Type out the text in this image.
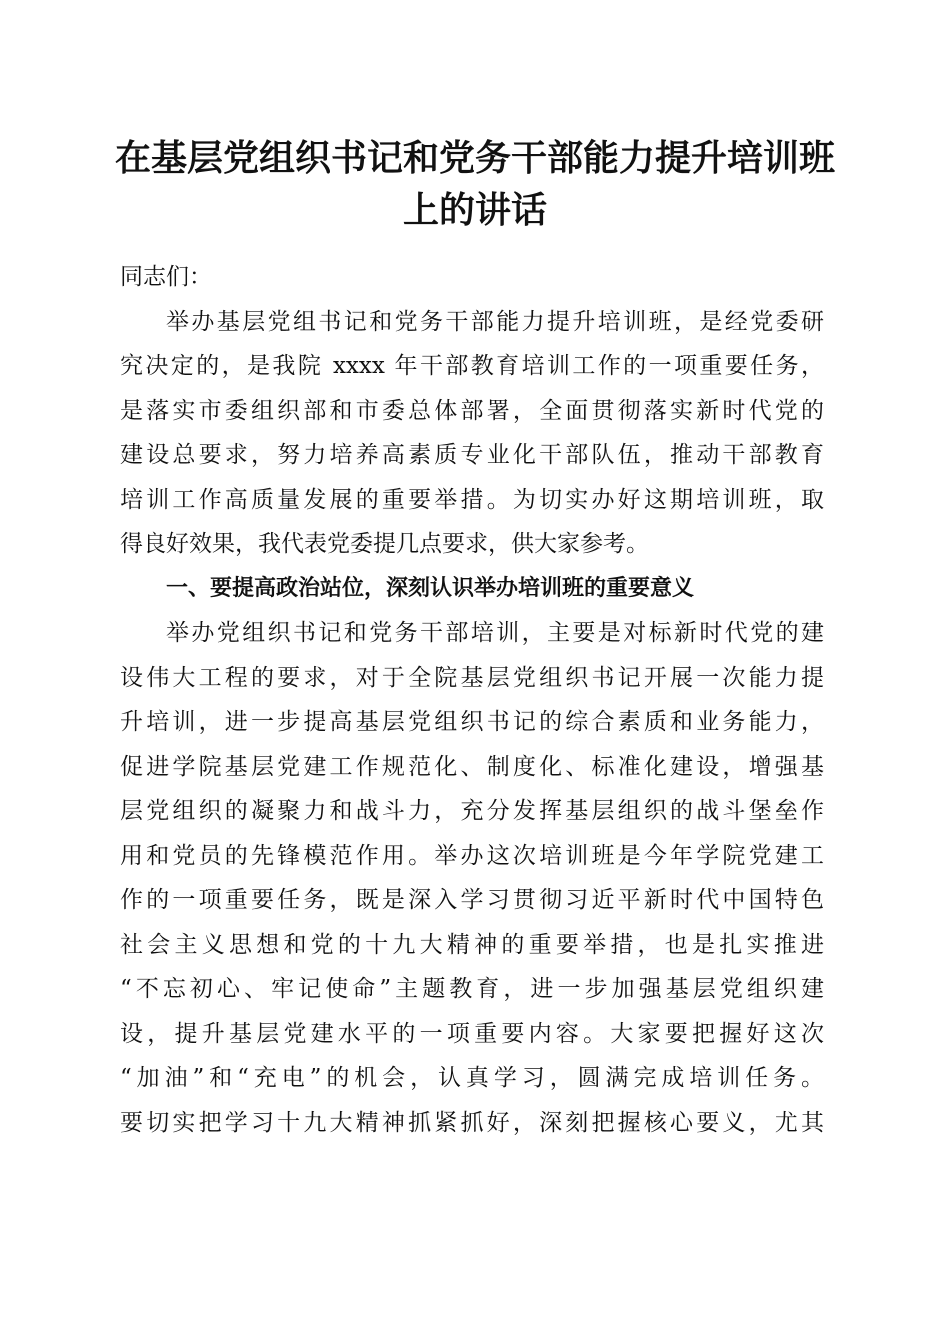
在基层党组织书记和党务干部能力提升培训班
上的讲话
同志们：
举办基层党组书记和党务干部能力提升培训班，是经党委研
究决定的，是我院 xxxx 年干部教育培训工作的一项重要任务，
是落实市委组织部和市委总体部署，全面贯彻落实新时代党的
建设总要求，努力培养高素质专业化干部队伍，推动干部教育
培训工作高质量发展的重要举措。为切实办好这期培训班，取
得良好效果，我代表党委提几点要求，供大家参考。
一、要提高政治站位，深刻认识举办培训班的重要意义
举办党组织书记和党务干部培训，主要是对标新时代党的建
设伟大工程的要求，对于全院基层党组织书记开展一次能力提
升培训，进一步提高基层党组织书记的综合素质和业务能力，
促进学院基层党建工作规范化、制度化、标准化建设，增强基
层党组织的凝聚力和战斗力，充分发挥基层组织的战斗堡垒作
用和党员的先锋模范作用。举办这次培训班是今年学院党建工
作的一项重要任务，既是深入学习贯彻习近平新时代中国特色
社会主义思想和党的十九大精神的重要举措，也是扎实推进
“不忘初心、牢记使命”主题教育，进一步加强基层党组织建
设，提升基层党建水平的一项重要内容。大家要把握好这次
“加油”和“充电”的机会，认真学习，圆满完成培训任务。
要切实把学习十九大精神抓紧抓好，深刻把握核心要义，尤其
